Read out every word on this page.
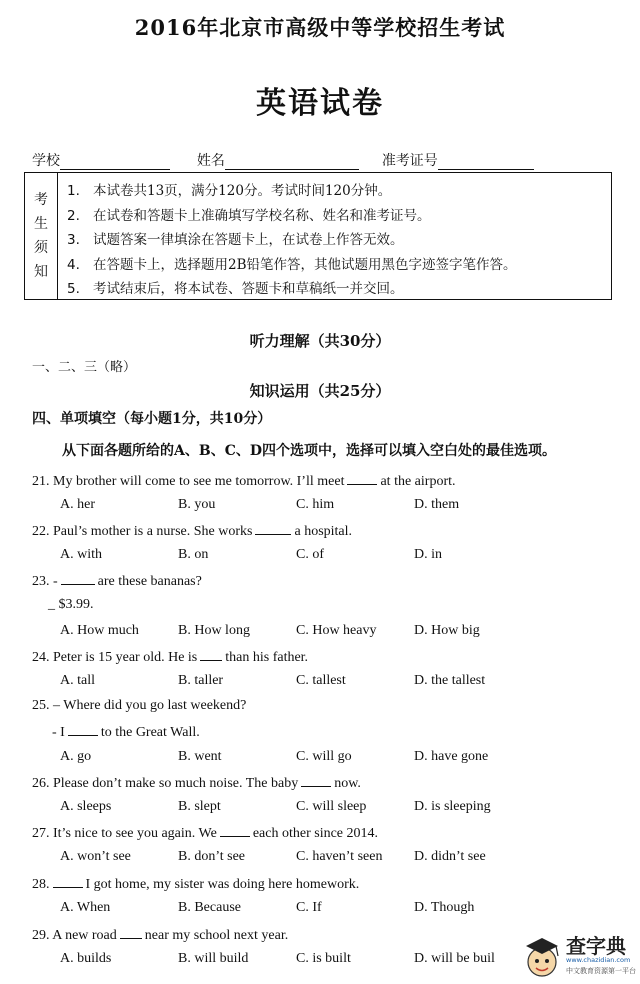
2016年北京市高级中等学校招生考试
英语试卷
学校	姓名	准考证号
考
生
须
知
1. 本试卷共13页，满分120分。考试时间120分钟。
2. 在试卷和答题卡上准确填写学校名称、姓名和准考证号。
3. 试题答案一律填涂在答题卡上，在试卷上作答无效。
4. 在答题卡上，选择题用2B铅笔作答，其他试题用黑色字迹签字笔作答。
5. 考试结束后，将本试卷、答题卡和草稿纸一并交回。
听力理解（共30分）
一、二、三（略）
知识运用（共25分）
四、单项填空（每小题1分，共10分）
从下面各题所给的A、B、C、D四个选项中，选择可以填入空白处的最佳选项。
21. My brother will come to see me tomorrow. I’ll meet	at the airport.
A. her	B. you	C. him	D. them
22. Paul’s mother is a nurse. She works	a hospital.
A. with	B. on	C. of	D. in
23. -	are these bananas?
_ $3.99.
A. How much	B. How long	C. How heavy	D. How big
24. Peter is 15 year old. He is than his father.
A. tall	B. taller	C. tallest	D. the tallest
25. – Where did you go last weekend?
- I	to the Great Wall.
A. go	B. went	C. will go	D. have gone
26. Please don’t make so much noise. The baby	now.
A. sleeps	B. slept	C. will sleep	D. is sleeping
27. It’s nice to see you again. We	each other since 2014.
A. won’t see	B. don’t see	C. haven’t seen D. didn’t see
28.	I got home, my sister was doing here homework.
A. When	B. Because	C. If	D. Though
29. A new road near my school next year.
A. builds	B. will build	C. is built	D. will be buil
查字典
www.chazidian.com
中文教育资源第一平台
